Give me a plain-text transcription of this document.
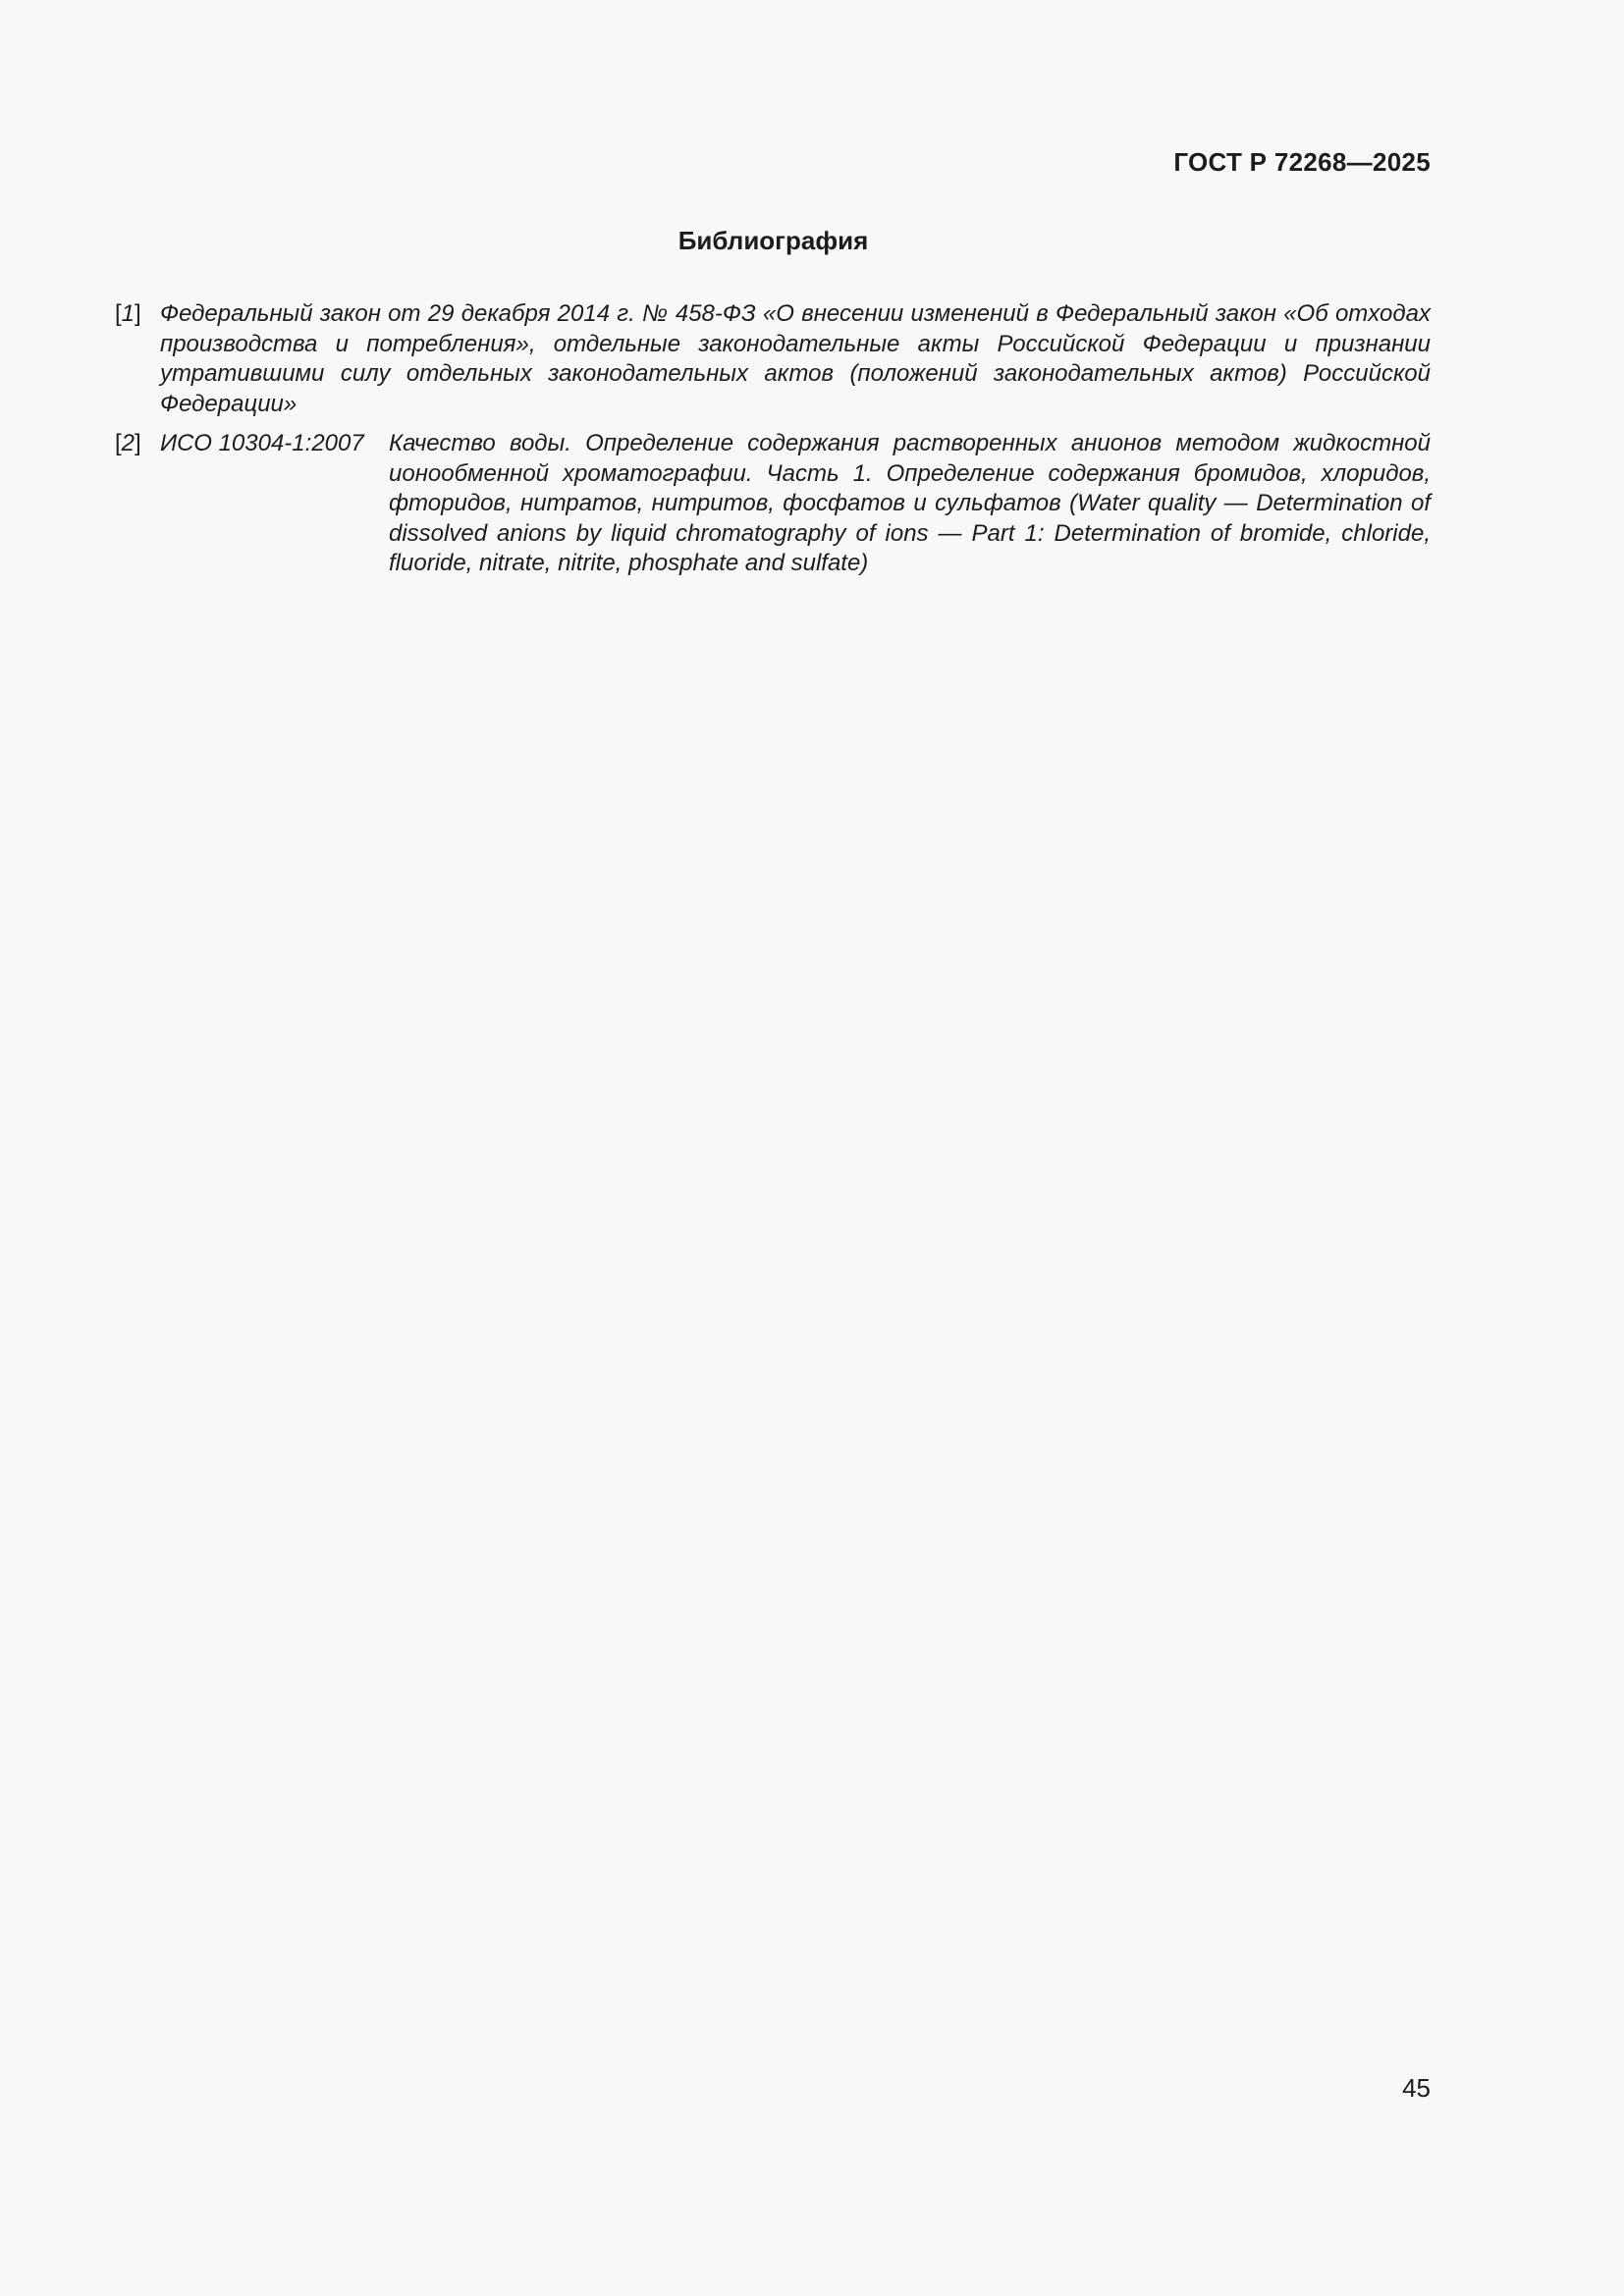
ГОСТ Р 72268—2025
Библиография
[1] Федеральный закон от 29 декабря 2014 г. № 458-ФЗ «О внесении изменений в Федеральный закон «Об отходах производства и потребления», отдельные законодательные акты Российской Федерации и признании утратившими силу отдельных законодательных актов (положений законодательных актов) Российской Федерации»
[2] ИСО 10304-1:2007	Качество воды. Определение содержания растворенных анионов методом жидкостной ионообменной хроматографии. Часть 1. Определение содержания бромидов, хлоридов, фторидов, нитратов, нитритов, фосфатов и сульфатов (Water quality — Determination of dissolved anions by liquid chromatography of ions — Part 1: Determination of bromide, chloride, fluoride, nitrate, nitrite, phosphate and sulfate)
45
